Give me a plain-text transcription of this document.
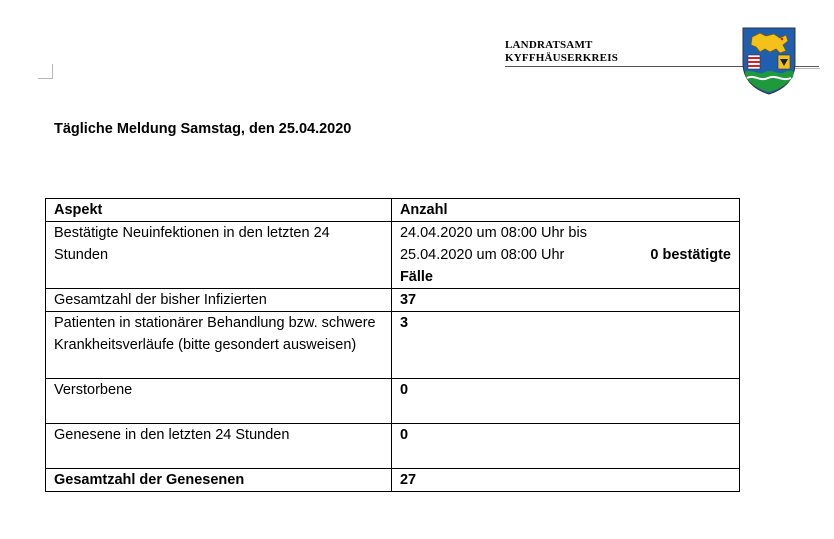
LANDRATSAMT
KYFFHÄUSERKREIS
Tägliche Meldung Samstag, den 25.04.2020
Aspekt	Anzahl
Bestätigte Neuinfektionen in den letzten 24 Stunden	24.04.2020 um 08:00 Uhr bis
25.04.2020 um 08:00 Uhr 0 bestätigte
Fälle

Gesamtzahl der bisher Infizierten	37
Patienten in stationärer Behandlung bzw. schwere Krankheitsverläufe (bitte gesondert ausweisen)	3
Verstorbene	0
Genesene in den letzten 24 Stunden	0
Gesamtzahl der Genesenen	27
